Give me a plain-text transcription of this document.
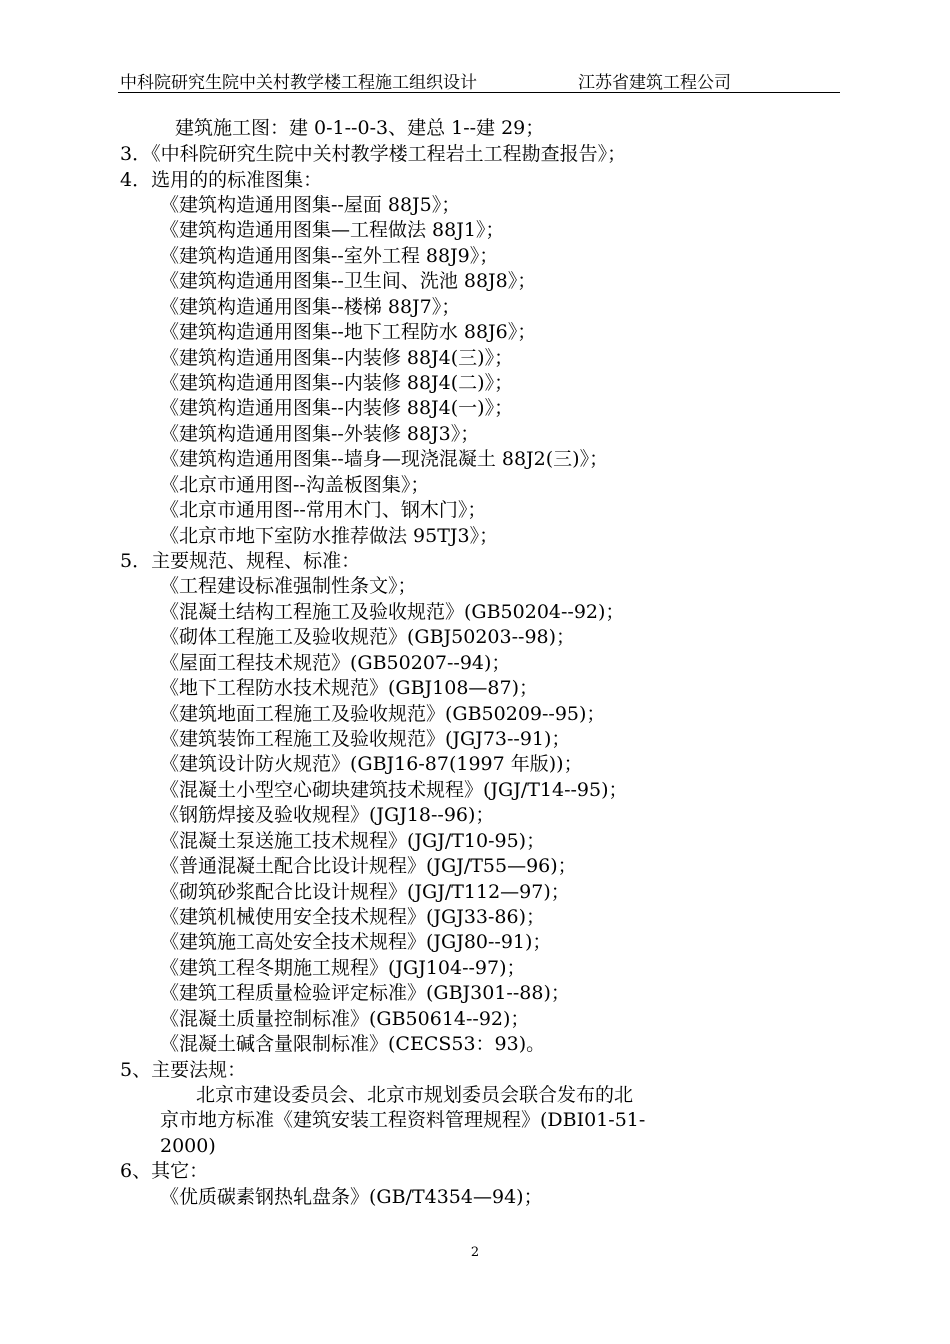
中科院研究生院中关村教学楼工程施工组织设计	江苏省建筑工程公司
建筑施工图：建 0-1--0-3、建总 1--建 29；
3．《中科院研究生院中关村教学楼工程岩土工程勘查报告》；
4．选用的的标准图集：
《建筑构造通用图集--屋面 88J5》；
《建筑构造通用图集—工程做法 88J1》；
《建筑构造通用图集--室外工程 88J9》；
《建筑构造通用图集--卫生间、洗池 88J8》；
《建筑构造通用图集--楼梯 88J7》；
《建筑构造通用图集--地下工程防水 88J6》；
《建筑构造通用图集--内装修 88J4(三)》；
《建筑构造通用图集--内装修 88J4(二)》；
《建筑构造通用图集--内装修 88J4(一)》；
《建筑构造通用图集--外装修 88J3》；
《建筑构造通用图集--墙身—现浇混凝土 88J2(三)》；
《北京市通用图--沟盖板图集》；
《北京市通用图--常用木门、钢木门》；
《北京市地下室防水推荐做法 95TJ3》；
5．主要规范、规程、标准：
《工程建设标准强制性条文》；
《混凝土结构工程施工及验收规范》(GB50204--92)；
《砌体工程施工及验收规范》(GBJ50203--98)；
《屋面工程技术规范》(GB50207--94)；
《地下工程防水技术规范》(GBJ108—87)；
《建筑地面工程施工及验收规范》(GB50209--95)；
《建筑装饰工程施工及验收规范》(JGJ73--91)；
《建筑设计防火规范》(GBJ16-87(1997 年版))；
《混凝土小型空心砌块建筑技术规程》(JGJ/T14--95)；
《钢筋焊接及验收规程》(JGJ18--96)；
《混凝土泵送施工技术规程》(JGJ/T10-95)；
《普通混凝土配合比设计规程》(JGJ/T55—96)；
《砌筑砂浆配合比设计规程》(JGJ/T112—97)；
《建筑机械使用安全技术规程》(JGJ33-86)；
《建筑施工高处安全技术规程》(JGJ80--91)；
《建筑工程冬期施工规程》(JGJ104--97)；
《建筑工程质量检验评定标准》(GBJ301--88)；
《混凝土质量控制标准》(GB50614--92)；
《混凝土碱含量限制标准》(CECS53：93)。
5、主要法规：
北京市建设委员会、北京市规划委员会联合发布的北
京市地方标准《建筑安装工程资料管理规程》(DBI01-51-
2000)
6、其它：
《优质碳素钢热轧盘条》(GB/T4354—94)；
2
